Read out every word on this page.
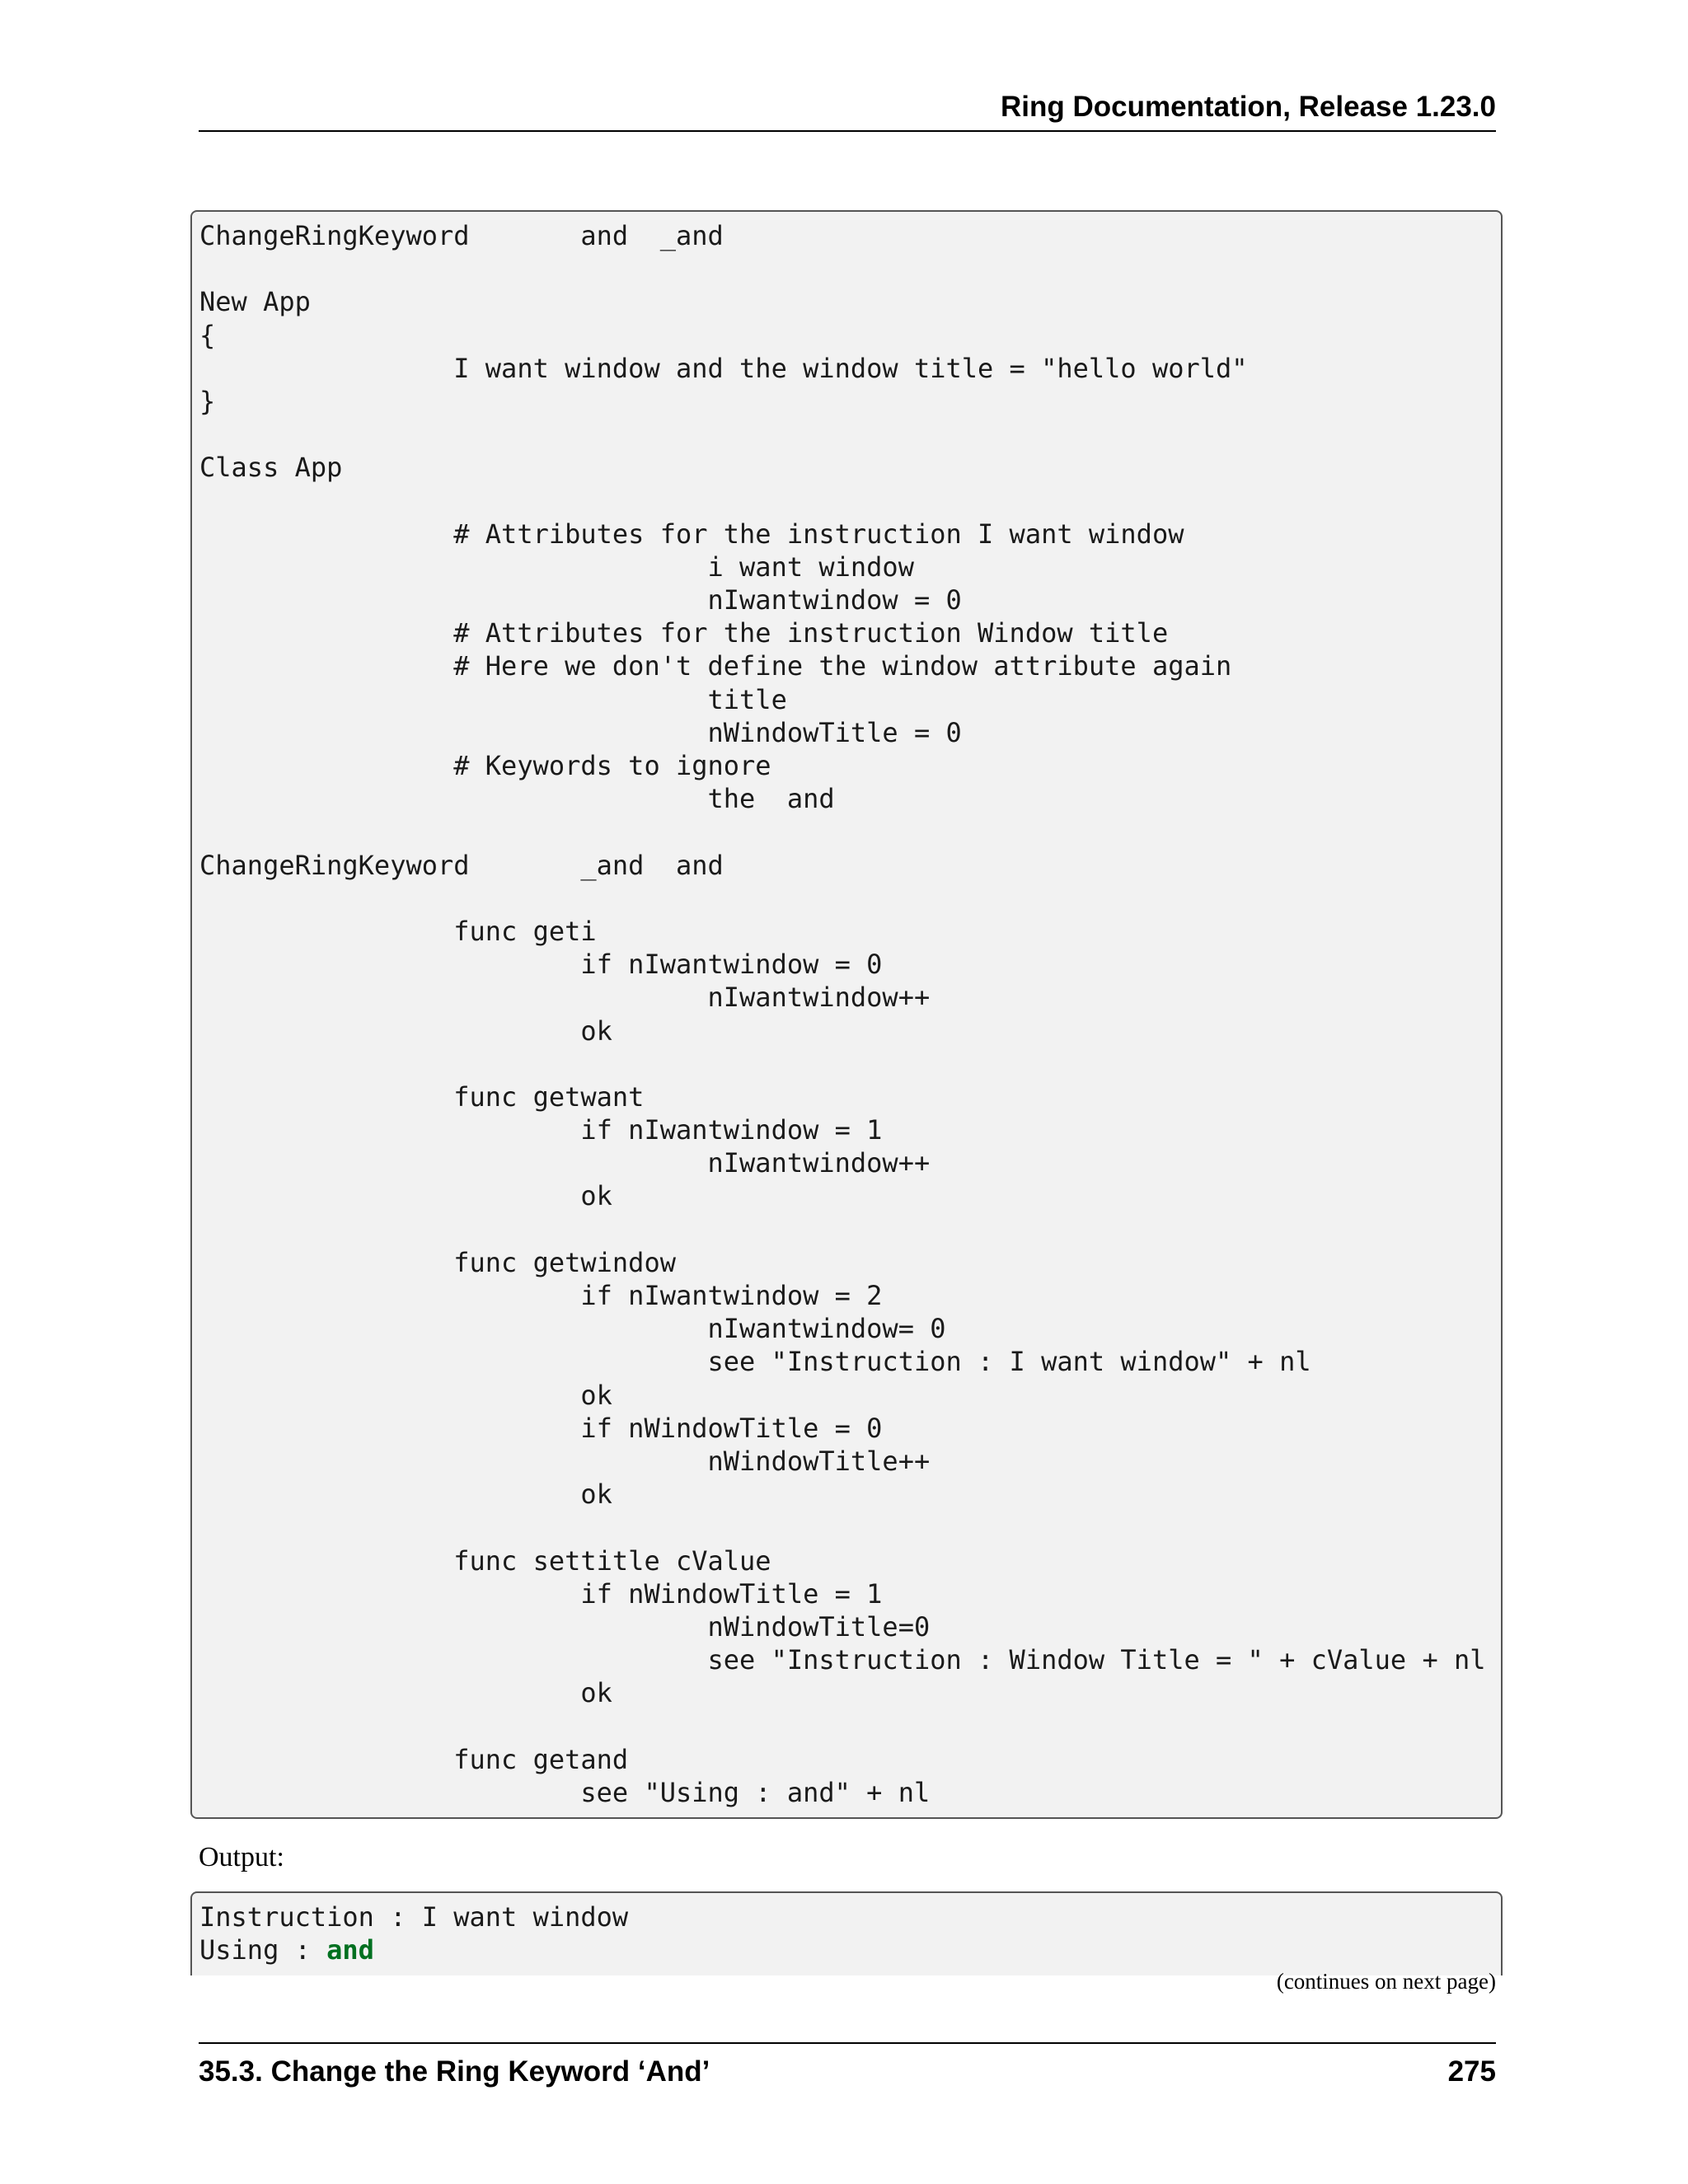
Ring Documentation, Release 1.23.0
ChangeRingKeyword       and  _and
New App
{
I want window and the window title = "hello world"
}
Class App
# Attributes for the instruction I want window
i want window
nIwantwindow = 0
# Attributes for the instruction Window title
# Here we don't define the window attribute again
title
nWindowTitle = 0
# Keywords to ignore
the  and
ChangeRingKeyword       _and  and
func geti
if nIwantwindow = 0
nIwantwindow++
ok
func getwant
if nIwantwindow = 1
nIwantwindow++
ok
func getwindow
if nIwantwindow = 2
nIwantwindow= 0
see "Instruction : I want window" + nl
ok
if nWindowTitle = 0
nWindowTitle++
ok
func settitle cValue
if nWindowTitle = 1
nWindowTitle=0
see "Instruction : Window Title = " + cValue + nl
ok
func getand
see "Using : and" + nl
Output:
Instruction : I want window
Using : and
(continues on next page)
35.3. Change the Ring Keyword ‘And’	275
